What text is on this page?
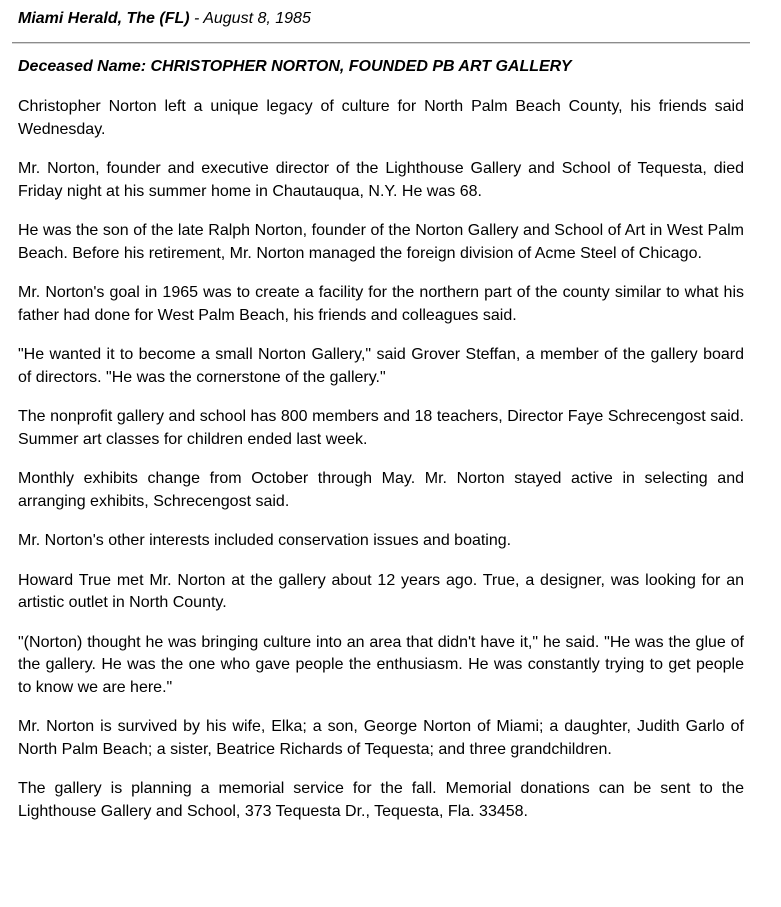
Miami Herald, The (FL) - August 8, 1985
Deceased Name: CHRISTOPHER NORTON, FOUNDED PB ART GALLERY

Christopher Norton left a unique legacy of culture for North Palm Beach County, his friends said Wednesday.

Mr. Norton, founder and executive director of the Lighthouse Gallery and School of Tequesta, died Friday night at his summer home in Chautauqua, N.Y. He was 68.

He was the son of the late Ralph Norton, founder of the Norton Gallery and School of Art in West Palm Beach. Before his retirement, Mr. Norton managed the foreign division of Acme Steel of Chicago.

Mr. Norton's goal in 1965 was to create a facility for the northern part of the county similar to what his father had done for West Palm Beach, his friends and colleagues said.

"He wanted it to become a small Norton Gallery," said Grover Steffan, a member of the gallery board of directors. "He was the cornerstone of the gallery."

The nonprofit gallery and school has 800 members and 18 teachers, Director Faye Schrecengost said. Summer art classes for children ended last week.

Monthly exhibits change from October through May. Mr. Norton stayed active in selecting and arranging exhibits, Schrecengost said.

Mr. Norton's other interests included conservation issues and boating.

Howard True met Mr. Norton at the gallery about 12 years ago. True, a designer, was looking for an artistic outlet in North County.

"(Norton) thought he was bringing culture into an area that didn't have it," he said. "He was the glue of the gallery. He was the one who gave people the enthusiasm. He was constantly trying to get people to know we are here."

Mr. Norton is survived by his wife, Elka; a son, George Norton of Miami; a daughter, Judith Garlo of North Palm Beach; a sister, Beatrice Richards of Tequesta; and three grandchildren.

The gallery is planning a memorial service for the fall. Memorial donations can be sent to the Lighthouse Gallery and School, 373 Tequesta Dr., Tequesta, Fla. 33458.
